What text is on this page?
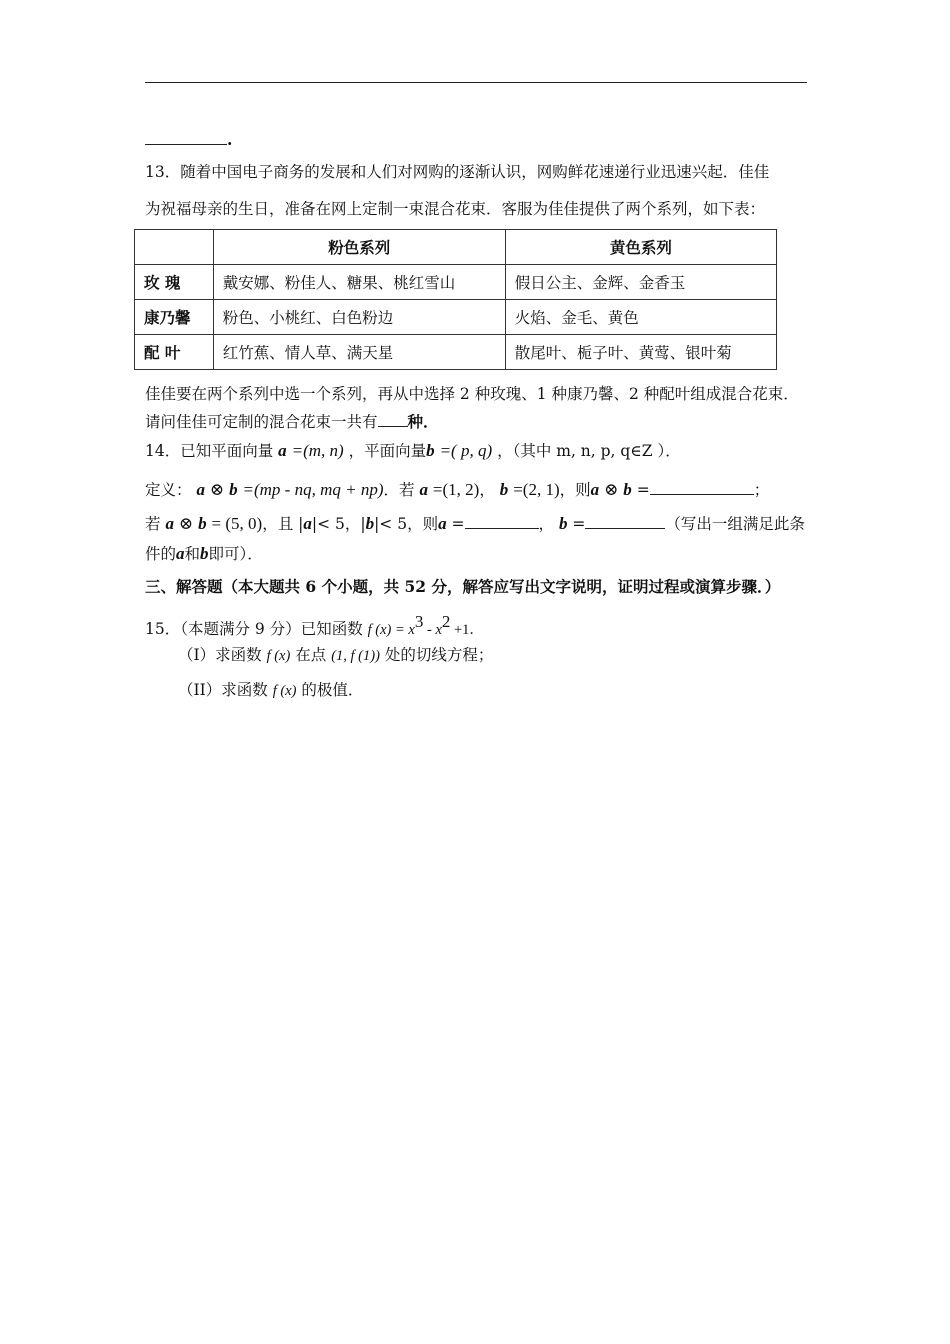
.
13．随着中国电子商务的发展和人们对网购的逐渐认识，网购鲜花速递行业迅速兴起．佳佳
为祝福母亲的生日，准备在网上定制一束混合花束．客服为佳佳提供了两个系列，如下表：
	粉色系列	黄色系列
玫 瑰	戴安娜、粉佳人、糖果、桃红雪山	假日公主、金辉、金香玉
康乃馨	粉色、小桃红、白色粉边	火焰、金毛、黄色
配 叶	红竹蕉、情人草、满天星	散尾叶、栀子叶、黄莺、银叶菊
佳佳要在两个系列中选一个系列，再从中选择 2 种玫瑰、1 种康乃馨、2 种配叶组成混合花束．
请问佳佳可定制的混合花束一共有 种．
14．已知平面向量 a =(m, n) ，平面向量b =( p, q) ，（其中 m, n, p, q∈Z ）．
定义： a ⊗ b =(mp - nq, mq + np)．若 a =(1, 2)， b =(2, 1)，则a ⊗ b =	；
若 a ⊗ b = (5, 0)，且 |a|< 5，|b|< 5，则a =	， b =	（写出一组满足此条
件的a和b即可）．
三、解答题（本大题共 6 个小题，共 52 分，解答应写出文字说明，证明过程或演算步骤．）
15．（本题满分 9 分）已知函数 f $(x) = x^3 - x^2 +1$．
（I）求函数 f (x) 在点 (1, f (1)) 处的切线方程；
（II）求函数 f (x) 的极值．
